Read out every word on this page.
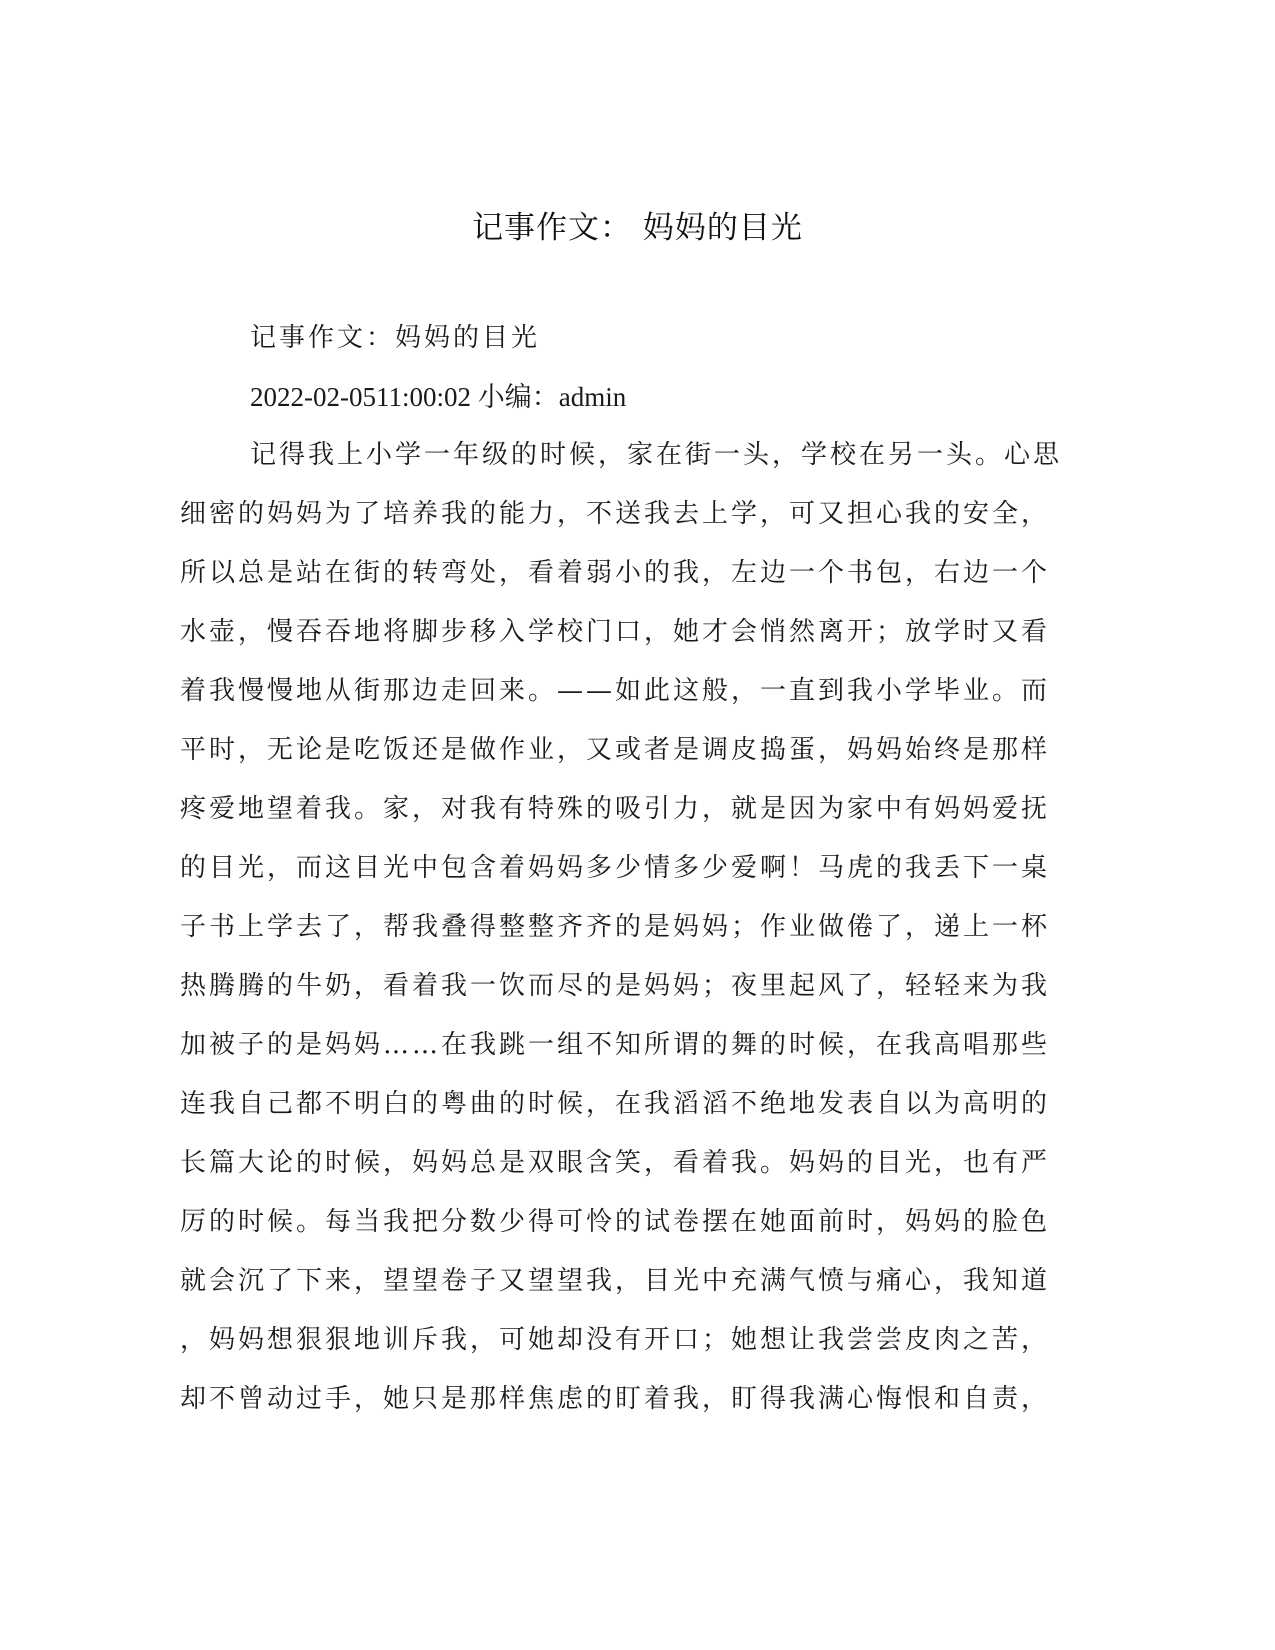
记事作文： 妈妈的目光
记事作文：妈妈的目光
2022-02-0511:00:02 小编：admin
记得我上小学一年级的时候，家在街一头，学校在另一头。心思
细密的妈妈为了培养我的能力，不送我去上学，可又担心我的安全，
所以总是站在街的转弯处，看着弱小的我，左边一个书包，右边一个
水壶，慢吞吞地将脚步移入学校门口，她才会悄然离开；放学时又看
着我慢慢地从街那边走回来。——如此这般，一直到我小学毕业。而
平时，无论是吃饭还是做作业，又或者是调皮捣蛋，妈妈始终是那样
疼爱地望着我。家，对我有特殊的吸引力，就是因为家中有妈妈爱抚
的目光，而这目光中包含着妈妈多少情多少爱啊！马虎的我丢下一桌
子书上学去了，帮我叠得整整齐齐的是妈妈；作业做倦了，递上一杯
热腾腾的牛奶，看着我一饮而尽的是妈妈；夜里起风了，轻轻来为我
加被子的是妈妈……在我跳一组不知所谓的舞的时候，在我高唱那些
连我自己都不明白的粤曲的时候，在我滔滔不绝地发表自以为高明的
长篇大论的时候，妈妈总是双眼含笑，看着我。妈妈的目光，也有严
厉的时候。每当我把分数少得可怜的试卷摆在她面前时，妈妈的脸色
就会沉了下来，望望卷子又望望我，目光中充满气愤与痛心，我知道
，妈妈想狠狠地训斥我，可她却没有开口；她想让我尝尝皮肉之苦，
却不曾动过手，她只是那样焦虑的盯着我，盯得我满心悔恨和自责，
